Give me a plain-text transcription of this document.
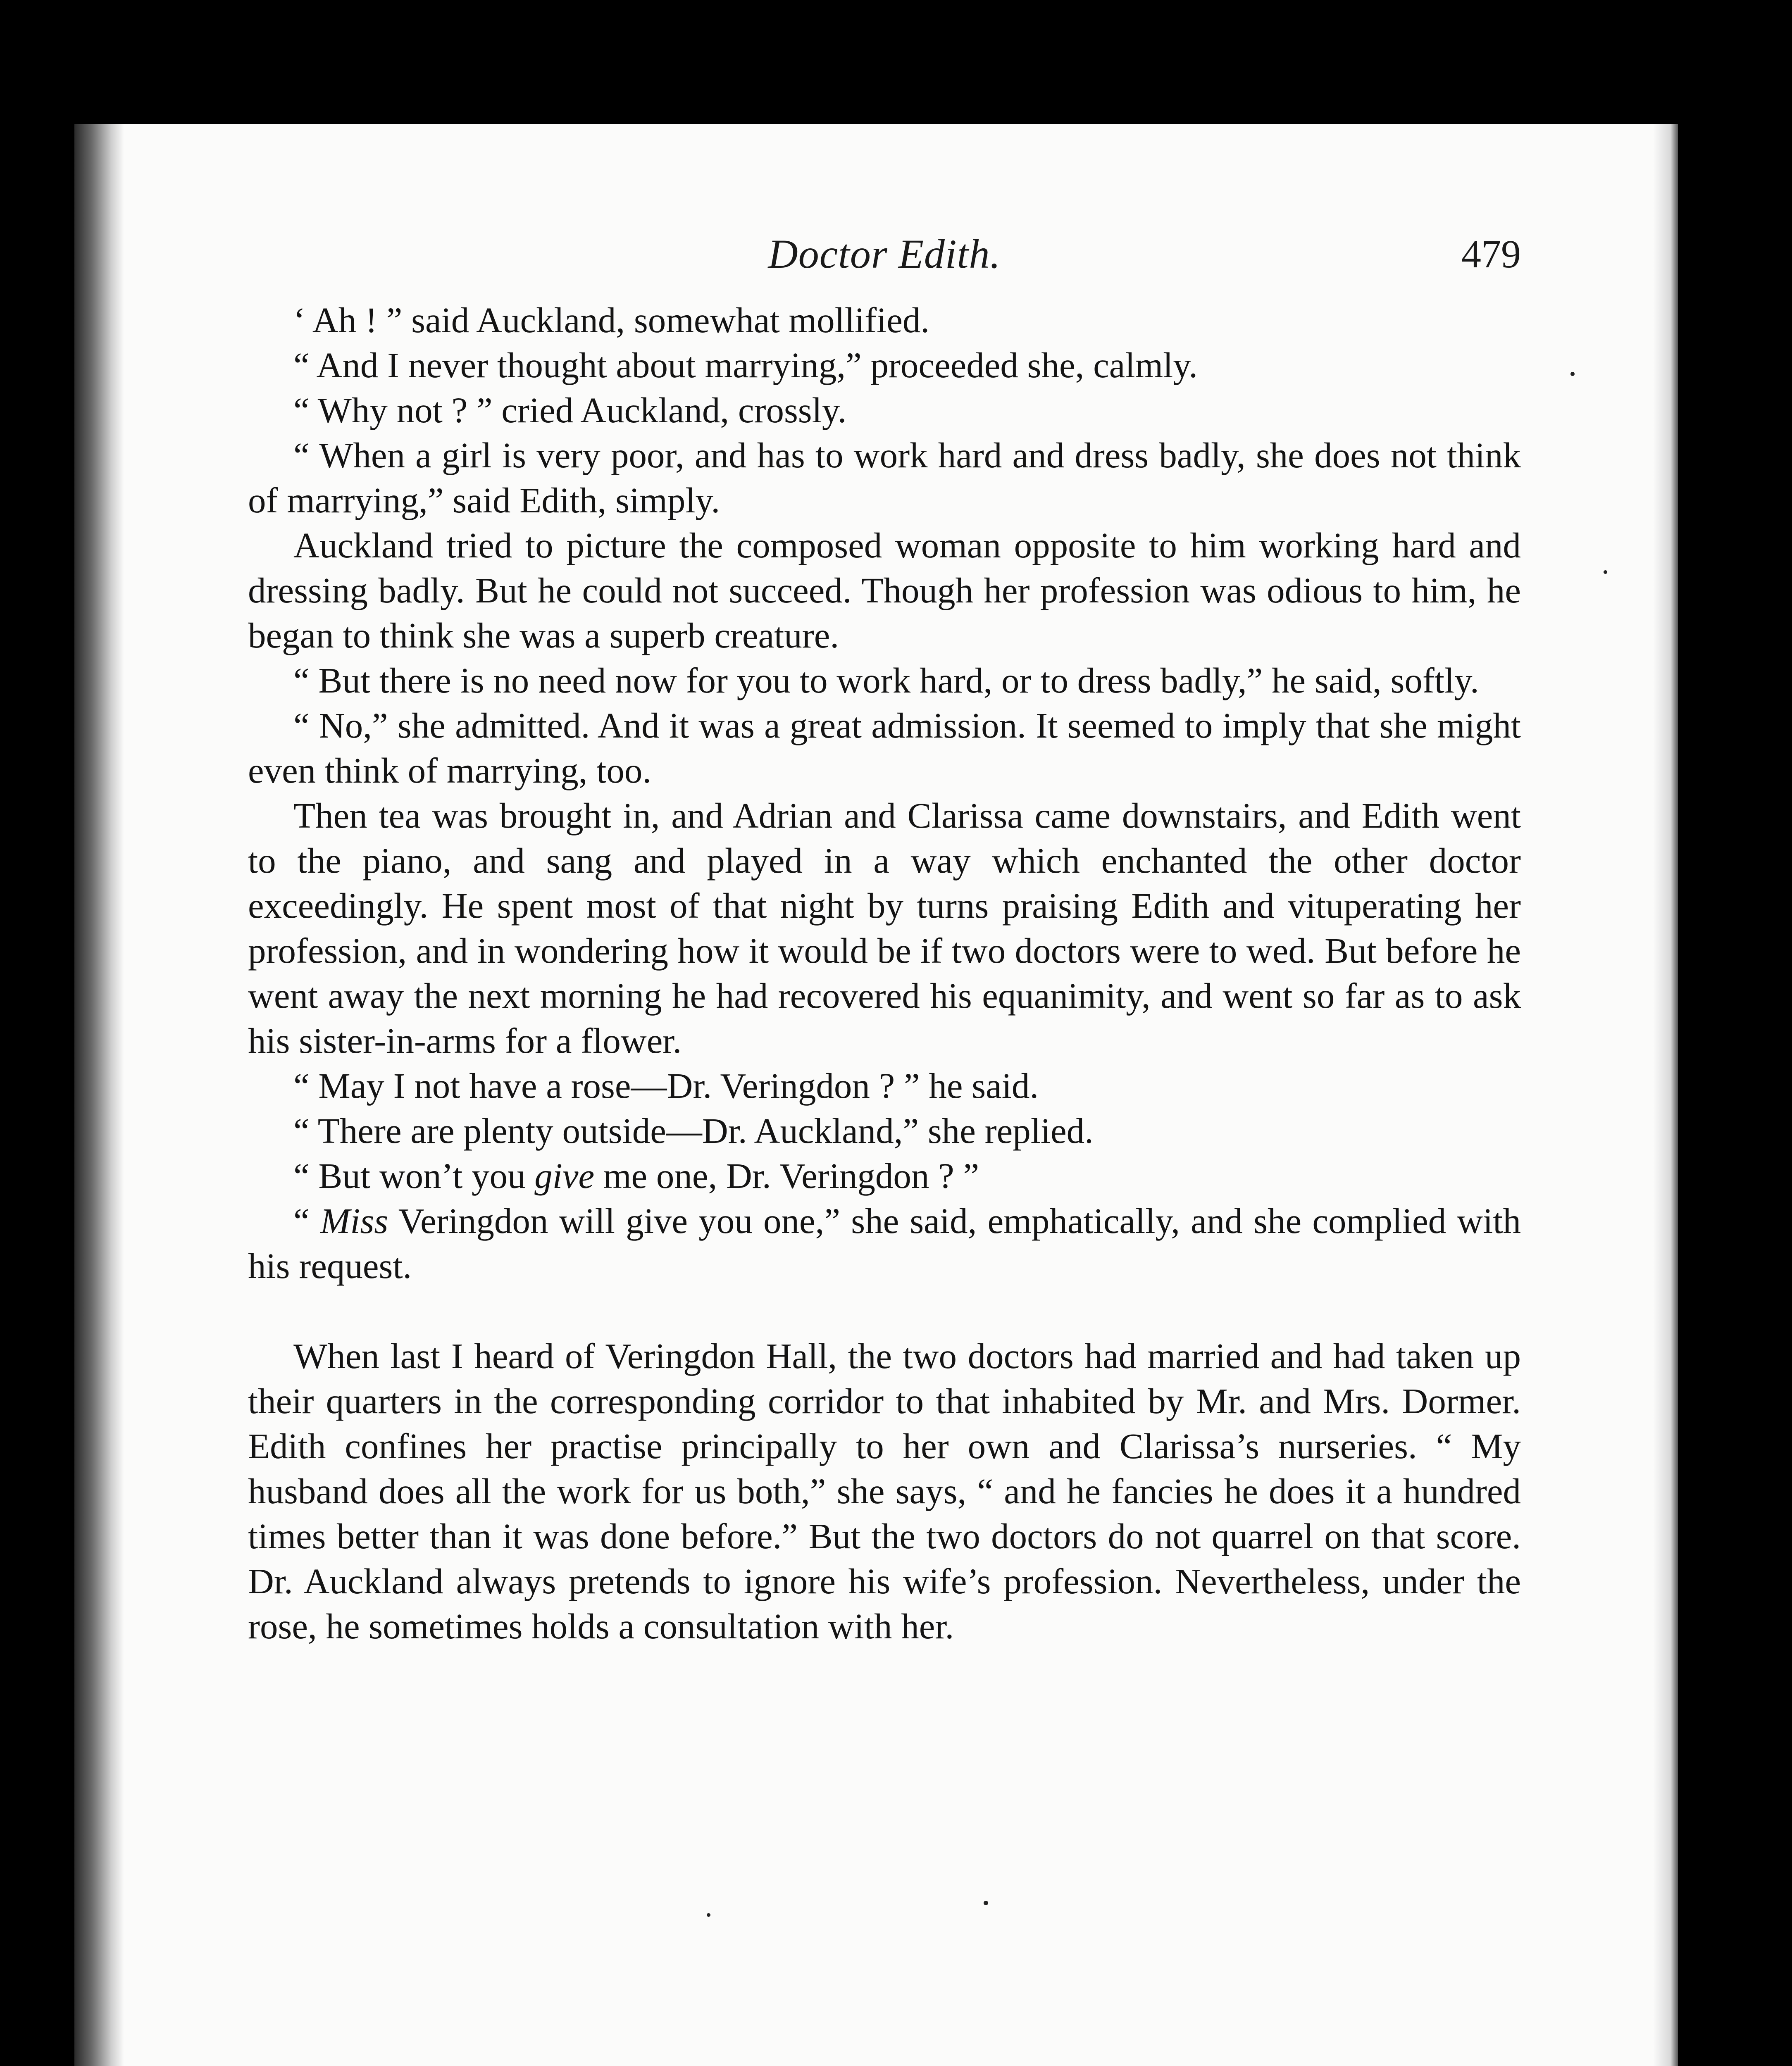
Doctor Edith.	479

‘ Ah ! ” said Auckland, somewhat mollified.

“ And I never thought about marrying,” proceeded she, calmly.

“ Why not ? ” cried Auckland, crossly.

“ When a girl is very poor, and has to work hard and dress badly, she does not think of marrying,” said Edith, simply.

Auckland tried to picture the composed woman opposite to him working hard and dressing badly. But he could not succeed. Though her profession was odious to him, he began to think she was a superb creature.

“ But there is no need now for you to work hard, or to dress badly,” he said, softly.

“ No,” she admitted. And it was a great admission. It seemed to imply that she might even think of marrying, too.

Then tea was brought in, and Adrian and Clarissa came downstairs, and Edith went to the piano, and sang and played in a way which enchanted the other doctor exceedingly. He spent most of that night by turns praising Edith and vituperating her profession, and in wondering how it would be if two doctors were to wed. But before he went away the next morning he had recovered his equanimity, and went so far as to ask his sister-in-arms for a flower.

“ May I not have a rose—Dr. Veringdon ? ” he said.

“ There are plenty outside—Dr. Auckland,” she replied.

“ But won’t you give me one, Dr. Veringdon ? ”

“ Miss Veringdon will give you one,” she said, emphatically, and she complied with his request.

When last I heard of Veringdon Hall, the two doctors had married and had taken up their quarters in the corresponding corridor to that inhabited by Mr. and Mrs. Dormer. Edith confines her practise principally to her own and Clarissa’s nurseries. “ My husband does all the work for us both,” she says, “ and he fancies he does it a hundred times better than it was done before.” But the two doctors do not quarrel on that score. Dr. Auckland always pretends to ignore his wife’s profession. Nevertheless, under the rose, he sometimes holds a consultation with her.
